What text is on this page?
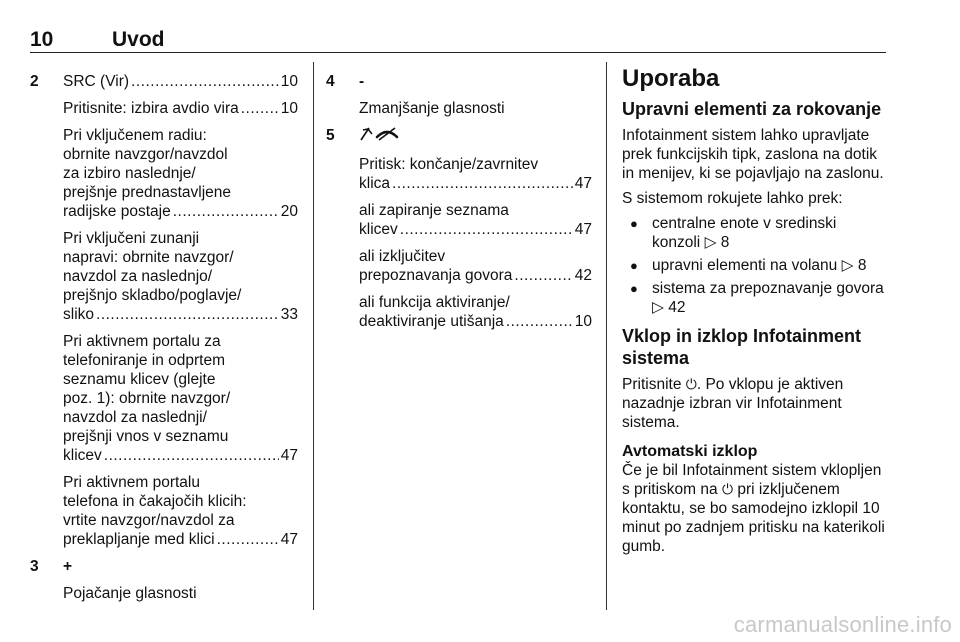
10	Uvod
2 SRC (Vir) .....	10
Pritisnite: izbira avdio vira .....	10
Pri vključenem radiu:
obrnite navzgor/navzdol
za izbiro naslednje/
prejšnje prednastavljene
radijske postaje .....	20
Pri vključeni zunanji
napravi: obrnite navzgor/
navzdol za naslednjo/
prejšnjo skladbo/poglavje/
sliko .....	33
Pri aktivnem portalu za
telefoniranje in odprtem
seznamu klicev (glejte
poz. 1): obrnite navzgor/
navzdol za naslednji/
prejšnji vnos v seznamu
klicev .....	47
Pri aktivnem portalu
telefona in čakajočih klicih:
vrtite navzgor/navzdol za
preklapljanje med klici .....	47
3 +
Pojačanje glasnosti
4 -
Zmanjšanje glasnosti
5
Pritisk: končanje/zavrnitev
klica .....	47
ali zapiranje seznama
klicev .....	47
ali izključitev
prepoznavanja govora .....	42
ali funkcija aktiviranje/
deaktiviranje utišanja .....	10
Uporaba
Upravni elementi za rokovanje

Infotainment sistem lahko upravljate prek funkcijskih tipk, zaslona na dotik in menijev, ki se pojavljajo na zaslonu.

S sistemom rokujete lahko prek:

● centralne enote v sredinski konzoli ▷ 8
● upravni elementi na volanu ▷ 8
● sistema za prepoznavanje govora ▷ 42
Vklop in izklop Infotainment sistema

Pritisnite ⏻. Po vklopu je aktiven nazadnje izbran vir Infotainment sistema.

Avtomatski izklop

Če je bil Infotainment sistem vklopljen s pritiskom na ⏻ pri izključenem kontaktu, se bo samodejno izklopil 10 minut po zadnjem pritisku na katerikoli gumb.

carmanualsonline.info
